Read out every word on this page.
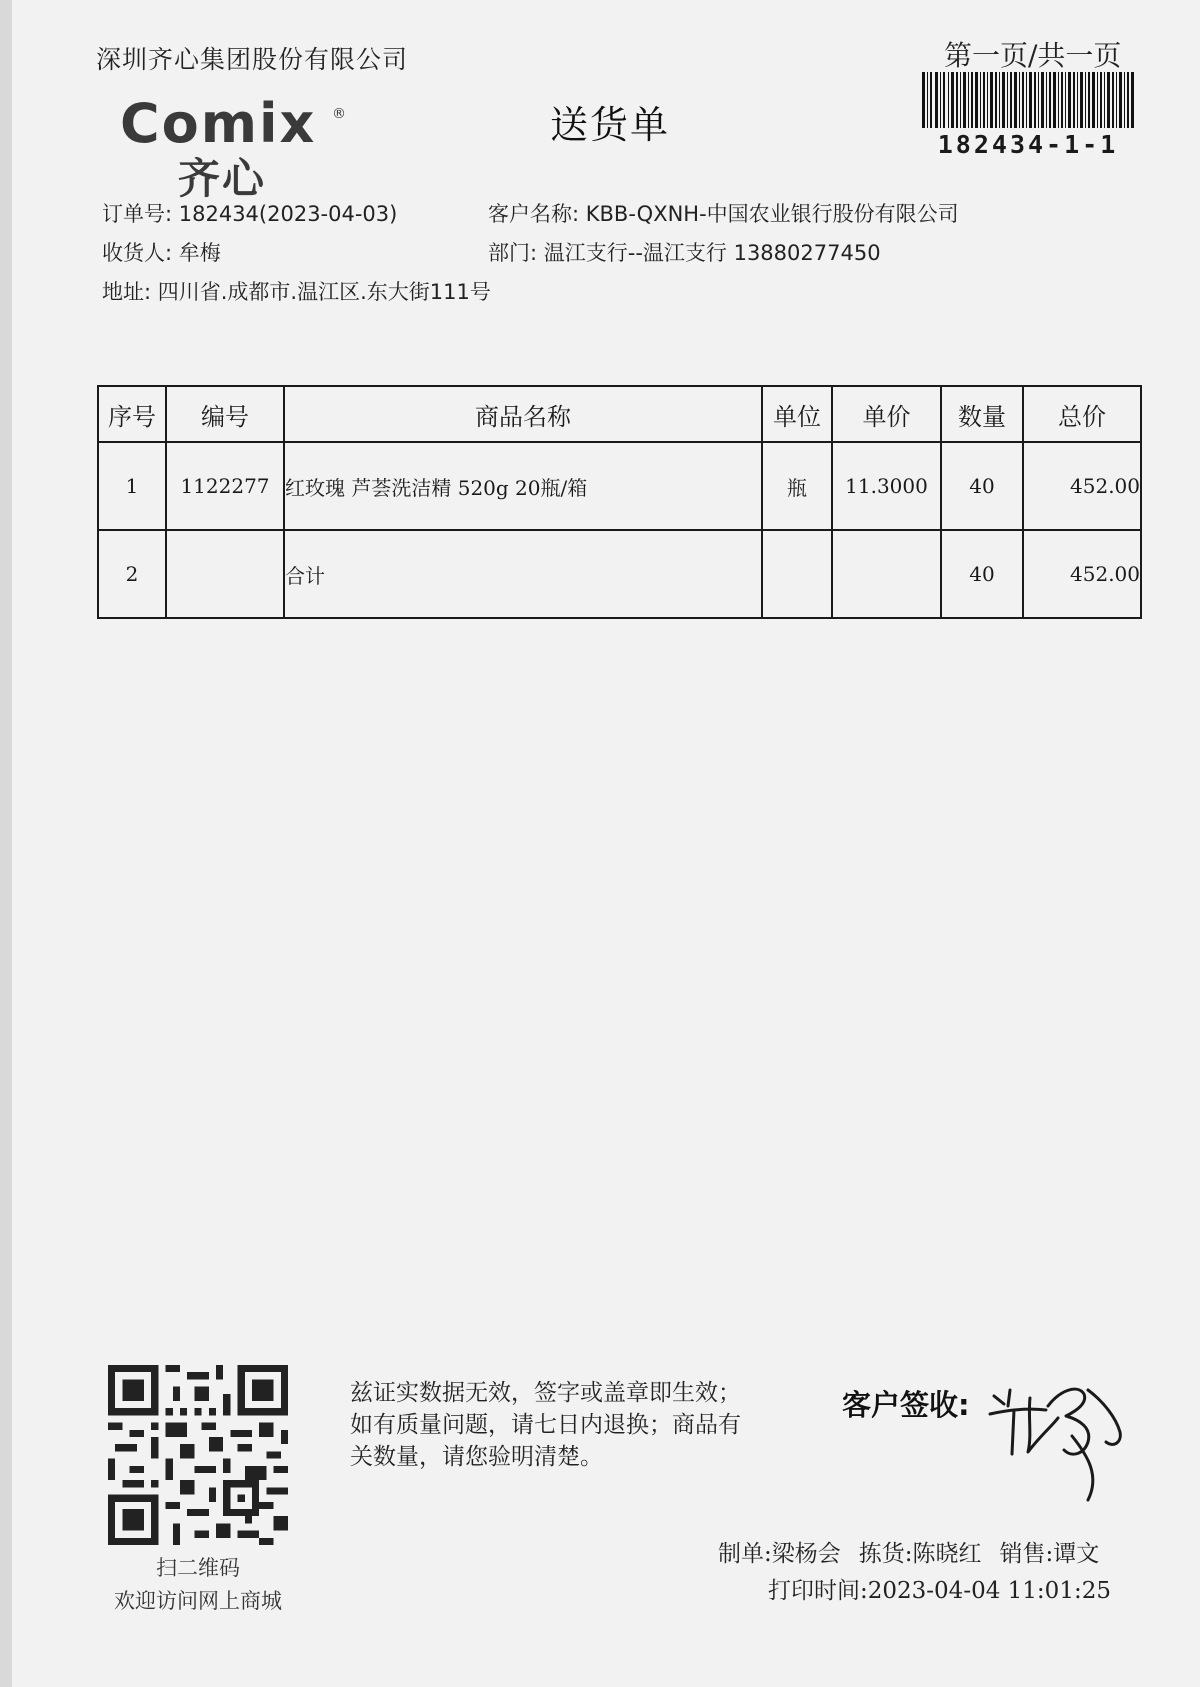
深圳齐心集团股份有限公司	第一页/共一页
182434-1-1
Comix ®
齐心
送货单
订单号: 182434(2023-04-03)	客户名称: KBB-QXNH-中国农业银行股份有限公司
收货人: 牟梅	部门: 温江支行--温江支行 13880277450
地址: 四川省.成都市.温江区.东大街111号
序号	编号	商品名称	单位	单价	数量	总价
1	1122277	红玫瑰 芦荟洗洁精 520g 20瓶/箱	瓶	11.3000	40	452.00
2		合计			40	452.00
扫二维码
欢迎访问网上商城
兹证实数据无效，签字或盖章即生效；如有质量问题，请七日内退换；商品有关数量，请您验明清楚。
客户签收:
制单:梁杨会 拣货:陈晓红 销售:谭文
打印时间:2023-04-04 11:01:25
